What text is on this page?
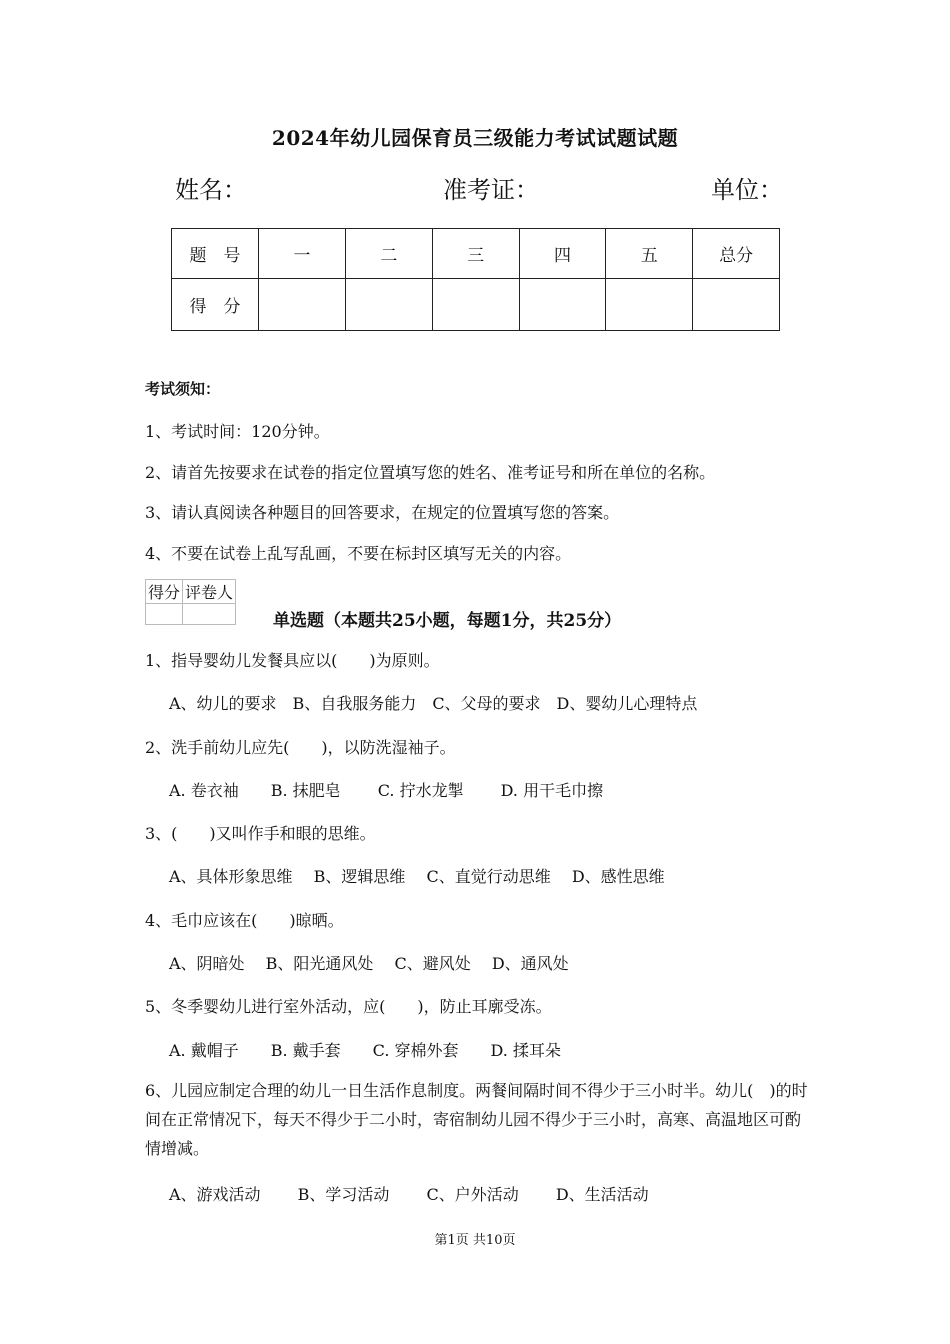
2024年幼儿园保育员三级能力考试试题试题
姓名：	准考证：	单位：
题　号	一	二	三	四	五	总分
得　分						
考试须知：
1、考试时间：120分钟。
2、请首先按要求在试卷的指定位置填写您的姓名、准考证号和所在单位的名称。
3、请认真阅读各种题目的回答要求，在规定的位置填写您的答案。
4、不要在试卷上乱写乱画，不要在标封区填写无关的内容。
得分	评卷人

单选题（本题共25小题，每题1分，共25分）
1、指导婴幼儿发餐具应以(　　)为原则。
A、幼儿的要求　B、自我服务能力　C、父母的要求　D、婴幼儿心理特点
2、洗手前幼儿应先(　　)，以防洗湿袖子。
A. 卷衣袖　　B. 抹肥皂　　 C. 拧水龙掣　　 D. 用干毛巾擦
3、(　　)又叫作手和眼的思维。
A、具体形象思维　 B、逻辑思维　 C、直觉行动思维　 D、感性思维
4、毛巾应该在(　　)晾晒。
A、阴暗处　 B、阳光通风处　 C、避风处　 D、通风处
5、冬季婴幼儿进行室外活动，应(　　)，防止耳廓受冻。
A. 戴帽子　　B. 戴手套　　C. 穿棉外套　　D. 揉耳朵
6、儿园应制定合理的幼儿一日生活作息制度。两餐间隔时间不得少于三小时半。幼儿(　)的时间在正常情况下，每天不得少于二小时，寄宿制幼儿园不得少于三小时，高寒、高温地区可酌情增减。
A、游戏活动　　 B、学习活动　　 C、户外活动　　 D、生活活动
第1页 共10页
